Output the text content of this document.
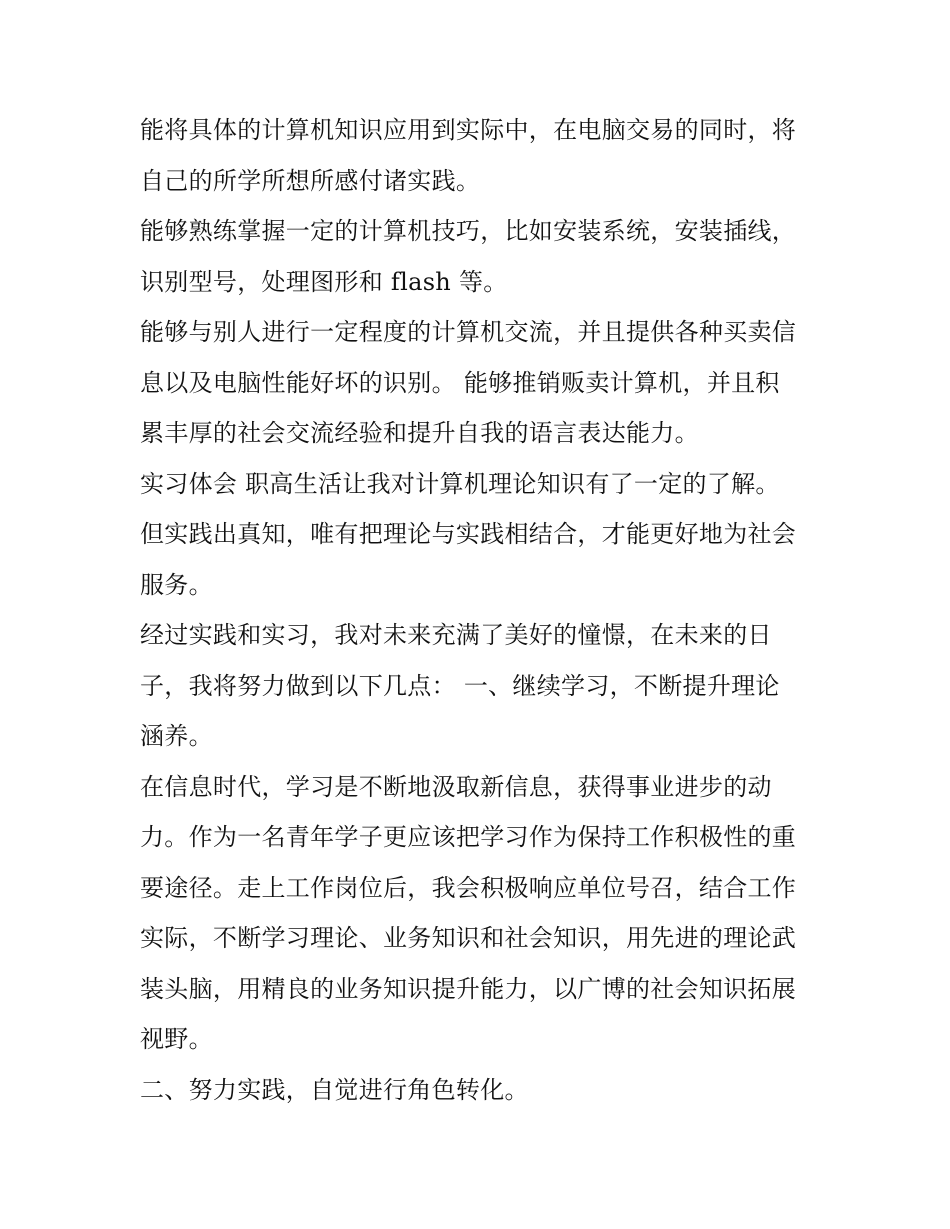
能将具体的计算机知识应用到实际中，在电脑交易的同时，将
自己的所学所想所感付诸实践。
能够熟练掌握一定的计算机技巧，比如安装系统，安装插线，
识别型号，处理图形和 flash 等。
能够与别人进行一定程度的计算机交流，并且提供各种买卖信
息以及电脑性能好坏的识别。 能够推销贩卖计算机，并且积
累丰厚的社会交流经验和提升自我的语言表达能力。
实习体会 职高生活让我对计算机理论知识有了一定的了解。
但实践出真知，唯有把理论与实践相结合，才能更好地为社会
服务。
经过实践和实习，我对未来充满了美好的憧憬，在未来的日
子，我将努力做到以下几点： 一、继续学习，不断提升理论
涵养。
在信息时代，学习是不断地汲取新信息，获得事业进步的动
力。作为一名青年学子更应该把学习作为保持工作积极性的重
要途径。走上工作岗位后，我会积极响应单位号召，结合工作
实际，不断学习理论、业务知识和社会知识，用先进的理论武
装头脑，用精良的业务知识提升能力，以广博的社会知识拓展
视野。
二、努力实践，自觉进行角色转化。
